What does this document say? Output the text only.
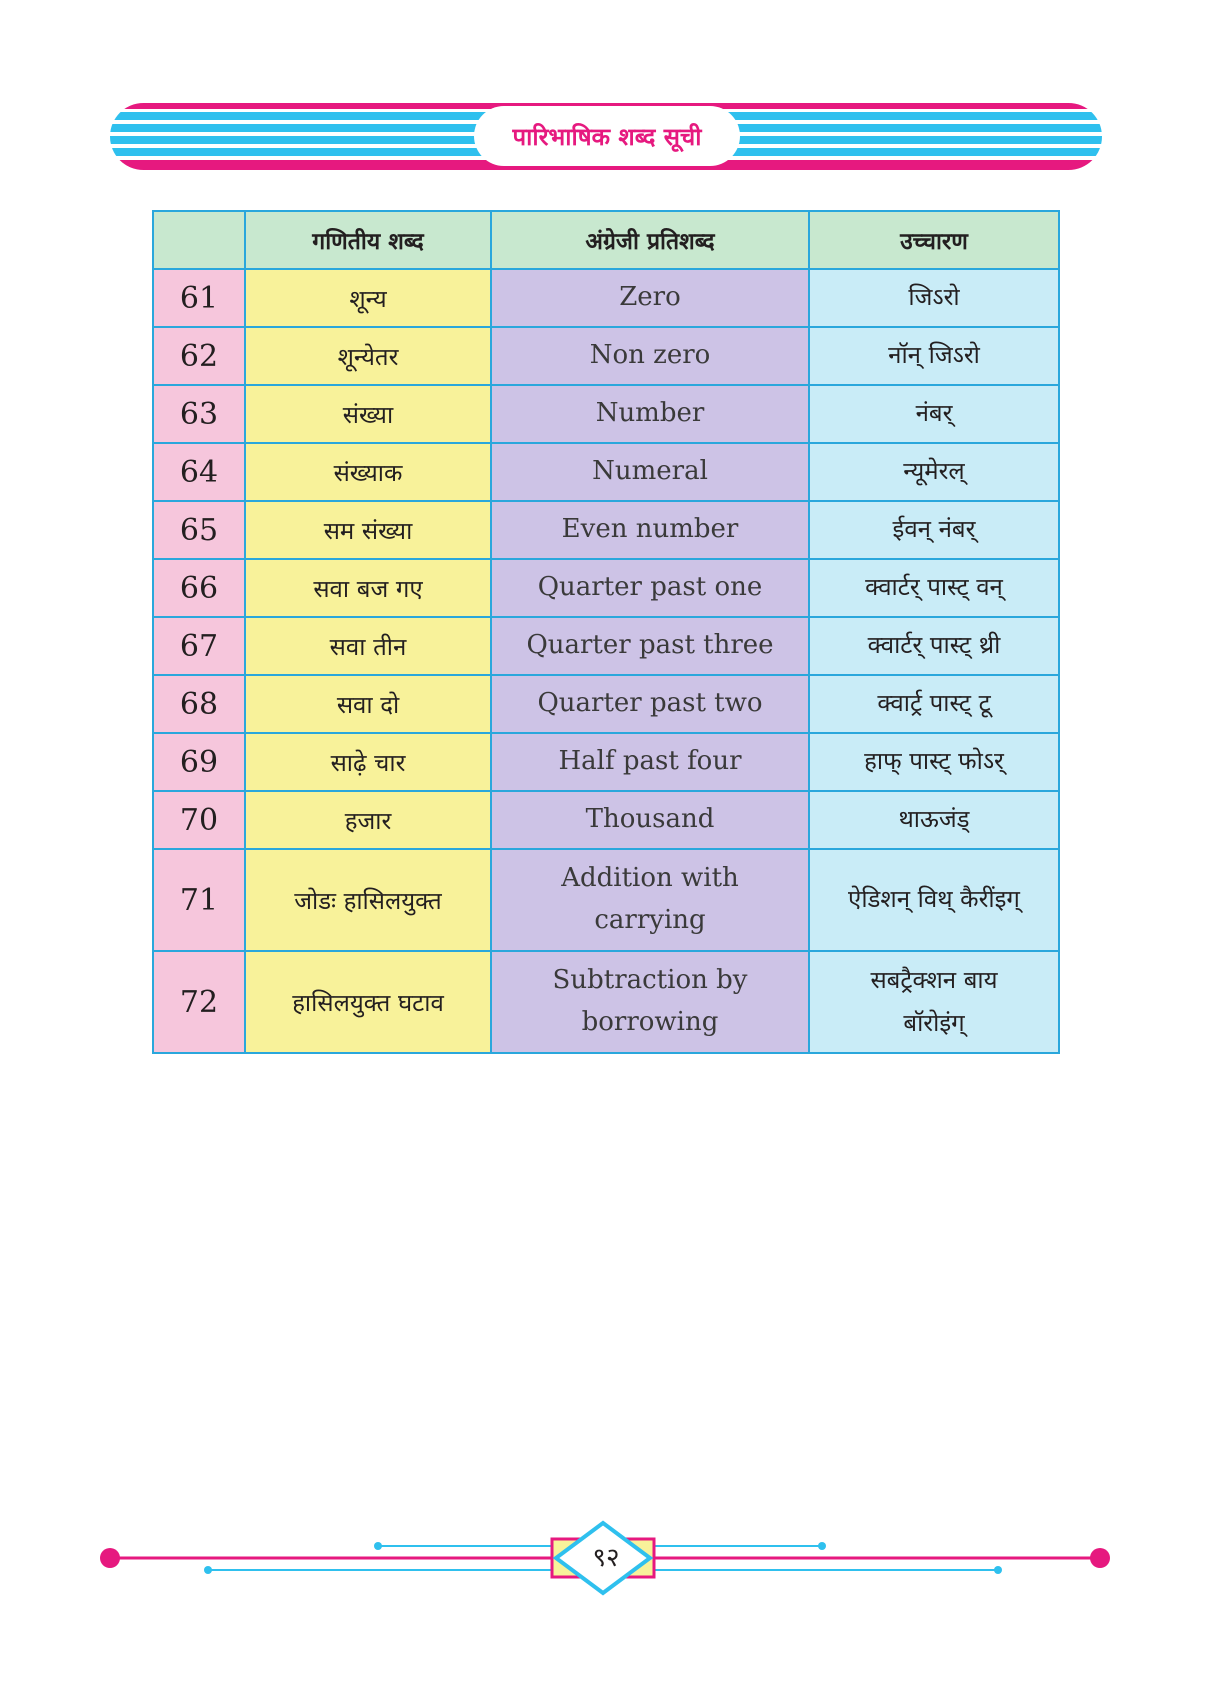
पारिभाषिक शब्द सूची
	गणितीय शब्द	अंग्रेजी प्रतिशब्द	उच्चारण
61	शून्य	Zero	जिऽरो
62	शून्येतर	Non zero	नॉन् जिऽरो
63	संख्या	Number	नंबर्
64	संख्याक	Numeral	न्यूमेरल्
65	सम संख्या	Even number	ईवन् नंबर्
66	सवा बज गए	Quarter past one	क्वार्टर् पास्ट् वन्
67	सवा तीन	Quarter past three	क्वार्टर् पास्ट् थ्री
68	सवा दो	Quarter past two	क्वार्ट्र पास्ट् टू
69	साढ़े चार	Half past four	हाफ् पास्ट् फोऽर्
70	हजार	Thousand	थाऊजंड्
71	जोडः हासिलयुक्त	Addition with carrying	ऐडिशन् विथ् कैरींइग्
72	हासिलयुक्त घटाव	Subtraction by borrowing	सबट्रैक्शन बाय बॉरोइंग्
९२
